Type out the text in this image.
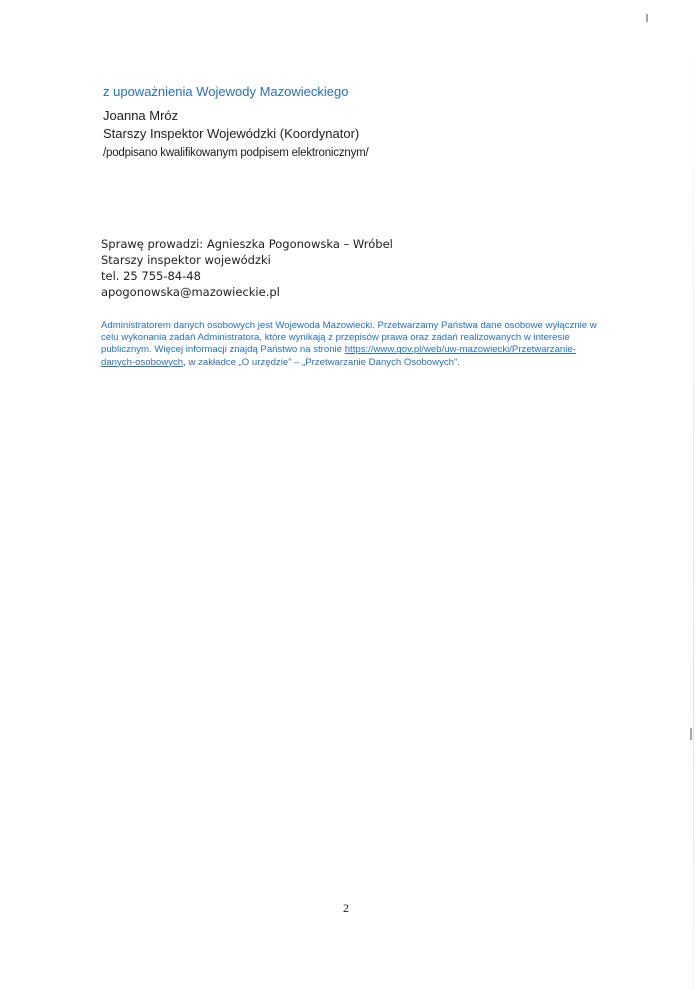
z upoważnienia Wojewody Mazowieckiego

Joanna Mróz

Starszy Inspektor Wojewódzki (Koordynator)

/podpisano kwalifikowanym podpisem elektronicznym/

Sprawę prowadzi: Agnieszka Pogonowska – Wróbel
Starszy inspektor wojewódzki
tel. 25 755-84-48
apogonowska@mazowieckie.pl
Administratorem danych osobowych jest Wojewoda Mazowiecki. Przetwarzamy Państwa dane osobowe wyłącznie w celu wykonania zadań Administratora, które wynikają z przepisów prawa oraz zadań realizowanych w interesie publicznym. Więcej informacji znajdą Państwo na stronie https://www.gov.pl/web/uw-mazowiecki/Przetwarzanie-danych-osobowych, w zakładce „O urzędzie” – „Przetwarzanie Danych Osobowych”.
2
